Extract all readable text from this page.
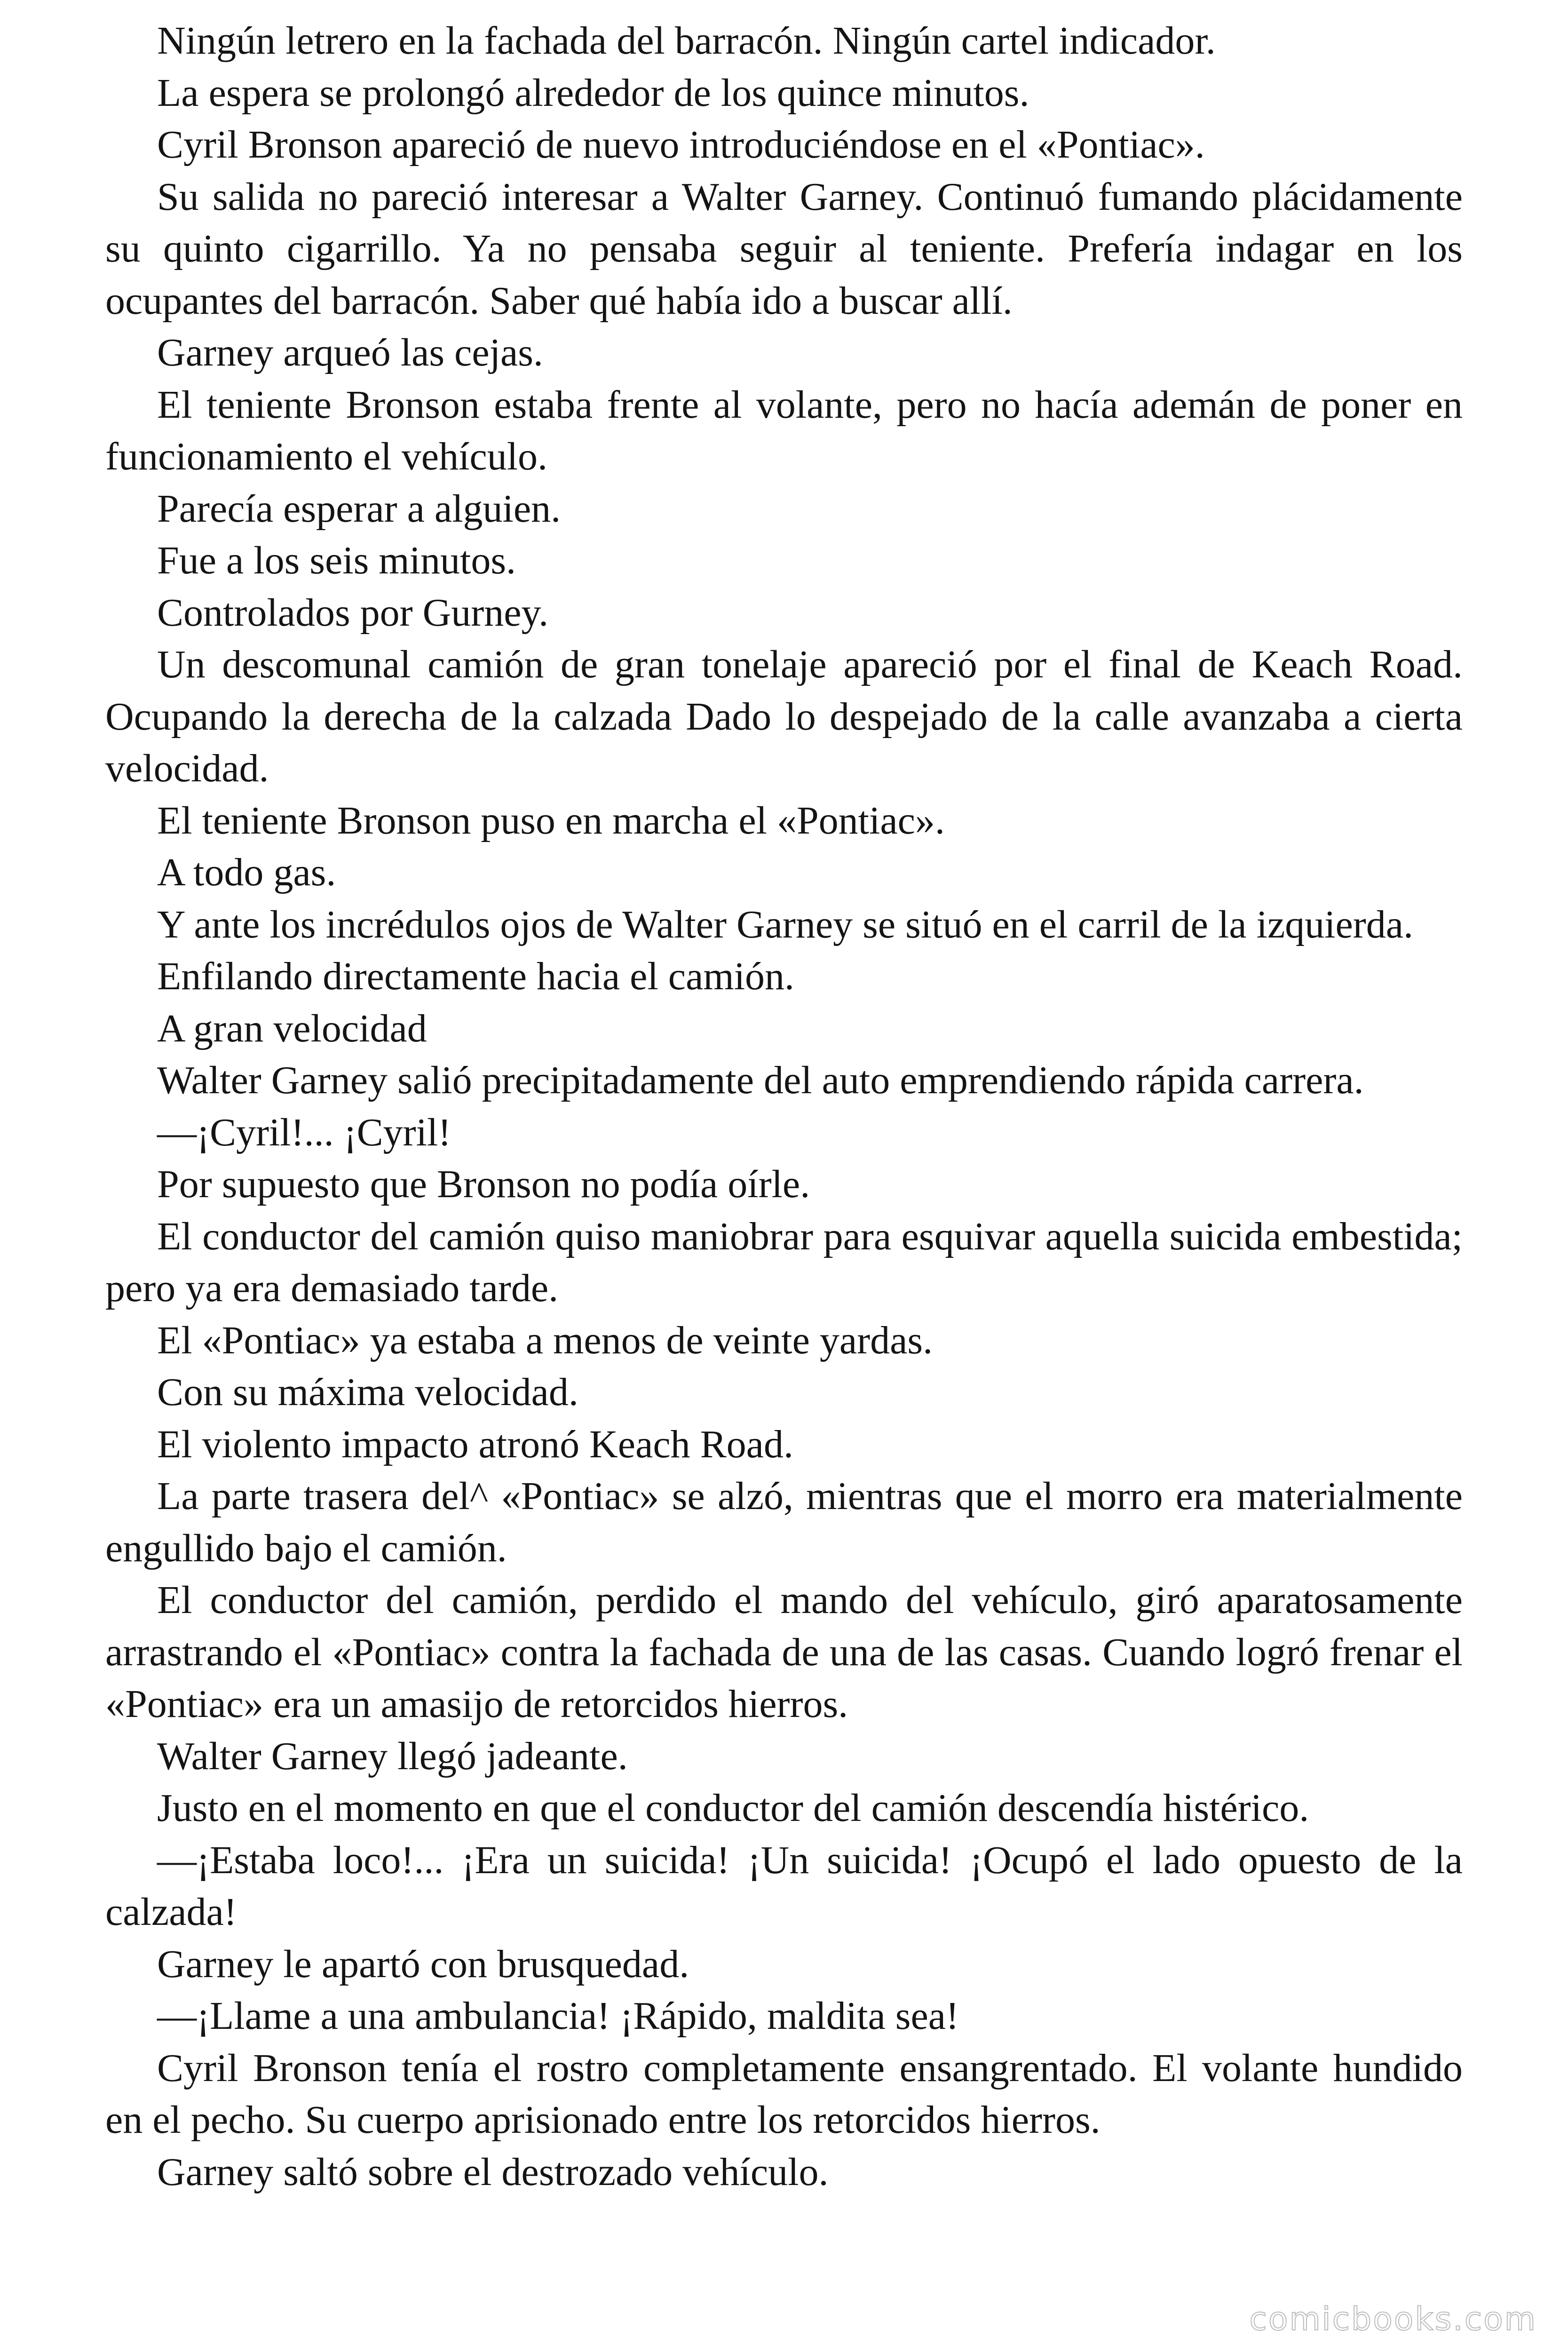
Ningún letrero en la fachada del barracón. Ningún cartel indicador.

La espera se prolongó alrededor de los quince minutos.

Cyril Bronson apareció de nuevo introduciéndose en el «Pontiac».

Su salida no pareció interesar a Walter Garney. Continuó fumando plácidamente su quinto cigarrillo. Ya no pensaba seguir al teniente. Prefería indagar en los ocupantes del barracón. Saber qué había ido a buscar allí.

Garney arqueó las cejas.

El teniente Bronson estaba frente al volante, pero no hacía ademán de poner en funcionamiento el vehículo.

Parecía esperar a alguien.

Fue a los seis minutos.

Controlados por Gurney.

Un descomunal camión de gran tonelaje apareció por el final de Keach Road. Ocupando la derecha de la calzada Dado lo despejado de la calle avanzaba a cierta velocidad.

El teniente Bronson puso en marcha el «Pontiac».

A todo gas.

Y ante los incrédulos ojos de Walter Garney se situó en el carril de la izquierda.

Enfilando directamente hacia el camión.

A gran velocidad

Walter Garney salió precipitadamente del auto emprendiendo rápida carrera.

—¡Cyril!... ¡Cyril!

Por supuesto que Bronson no podía oírle.

El conductor del camión quiso maniobrar para esquivar aquella suicida embestida; pero ya era demasiado tarde.

El «Pontiac» ya estaba a menos de veinte yardas.

Con su máxima velocidad.

El violento impacto atronó Keach Road.

La parte trasera del^ «Pontiac» se alzó, mientras que el morro era materialmente engullido bajo el camión.

El conductor del camión, perdido el mando del vehículo, giró aparatosamente arrastrando el «Pontiac» contra la fachada de una de las casas. Cuando logró frenar el «Pontiac» era un amasijo de retorcidos hierros.

Walter Garney llegó jadeante.

Justo en el momento en que el conductor del camión descendía histérico.

—¡Estaba loco!... ¡Era un suicida! ¡Un suicida! ¡Ocupó el lado opuesto de la calzada!

Garney le apartó con brusquedad.

—¡Llame a una ambulancia! ¡Rápido, maldita sea!

Cyril Bronson tenía el rostro completamente ensangrentado. El volante hundido en el pecho. Su cuerpo aprisionado entre los retorcidos hierros.

Garney saltó sobre el destrozado vehículo.

comicbooks.com
